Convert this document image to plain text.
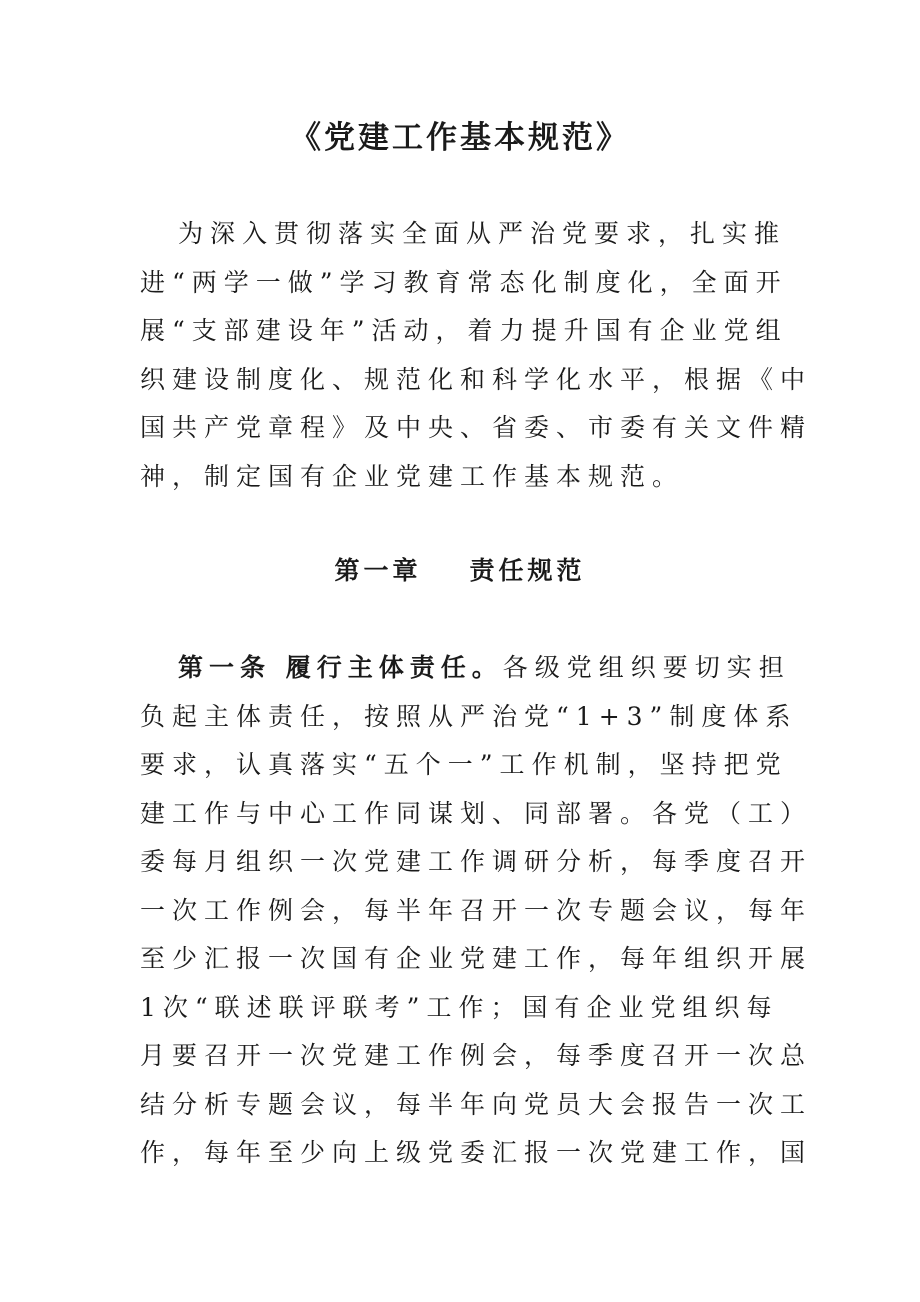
《党建工作基本规范》
为深入贯彻落实全面从严治党要求，扎实推
进“两学一做”学习教育常态化制度化，全面开
展“支部建设年”活动，着力提升国有企业党组
织建设制度化、规范化和科学化水平，根据《中
国共产党章程》及中央、省委、市委有关文件精
神，制定国有企业党建工作基本规范。
第一章 责任规范
第一条 履行主体责任。各级党组织要切实担
负起主体责任，按照从严治党“1+3”制度体系
要求，认真落实“五个一”工作机制，坚持把党
建工作与中心工作同谋划、同部署。各党（工）
委每月组织一次党建工作调研分析，每季度召开
一次工作例会，每半年召开一次专题会议，每年
至少汇报一次国有企业党建工作，每年组织开展
1次“联述联评联考”工作；国有企业党组织每
月要召开一次党建工作例会，每季度召开一次总
结分析专题会议，每半年向党员大会报告一次工
作，每年至少向上级党委汇报一次党建工作，国
